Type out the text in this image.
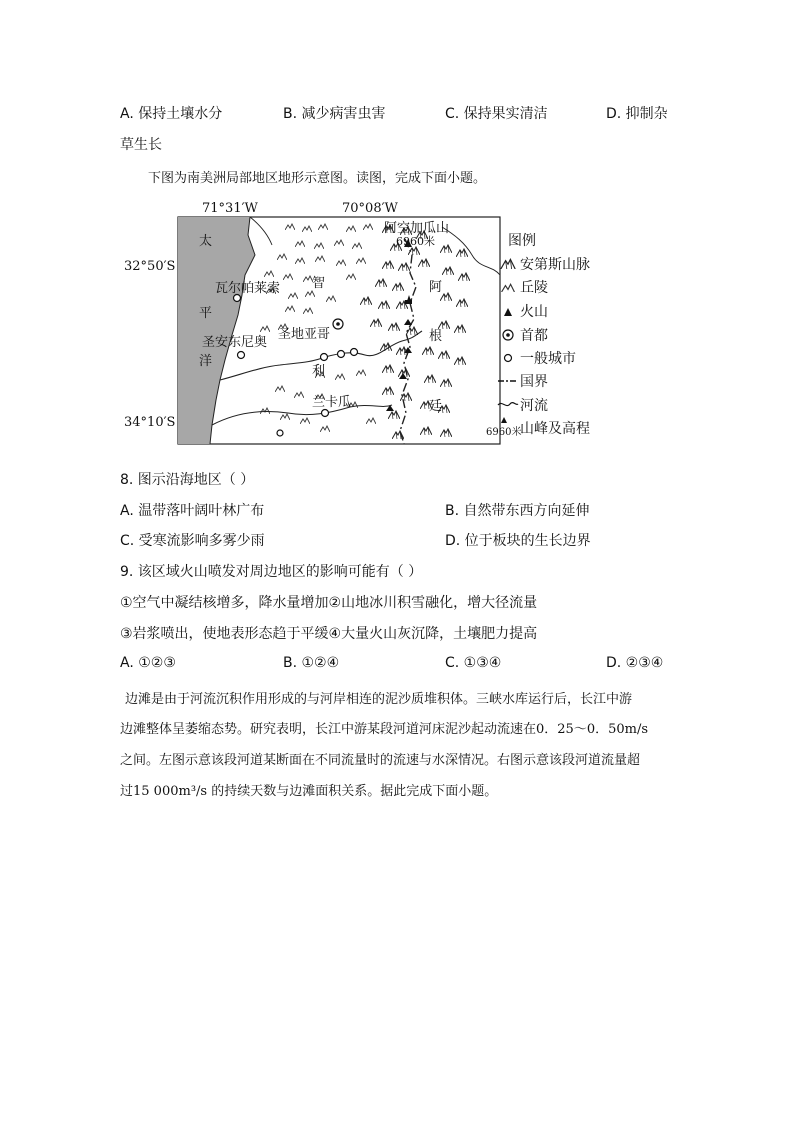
A. 保持土壤水分	B. 减少病害虫害	C. 保持果实清洁	D. 抑制杂
草生长
下图为南美洲局部地区地形示意图。读图，完成下面小题。
71°31′W	70°08′W
32°50′S
34°10′S
太
平
洋
阿空加瓜山
6960米
智
利
阿
根
廷
瓦尔帕莱索
圣安东尼奥
圣地亚哥
兰卡瓜
图例
安第斯山脉
丘陵
火山
首都
一般城市
国界
河流
6960米
山峰及高程
8. 图示沿海地区（ ）
A. 温带落叶阔叶林广布	B. 自然带东西方向延伸
C. 受寒流影响多雾少雨	D. 位于板块的生长边界
9. 该区域火山喷发对周边地区的影响可能有（ ）
①空气中凝结核增多，降水量增加②山地冰川积雪融化，增大径流量
③岩浆喷出，使地表形态趋于平缓④大量火山灰沉降，土壤肥力提高
A. ①②③	B. ①②④	C. ①③④	D. ②③④
边滩是由于河流沉积作用形成的与河岸相连的泥沙质堆积体。三峡水库运行后，长江中游
边滩整体呈萎缩态势。研究表明，长江中游某段河道河床泥沙起动流速在0．25～0．50m/s
之间。左图示意该段河道某断面在不同流量时的流速与水深情况。右图示意该段河道流量超
过15 000m³/s 的持续天数与边滩面积关系。据此完成下面小题。
